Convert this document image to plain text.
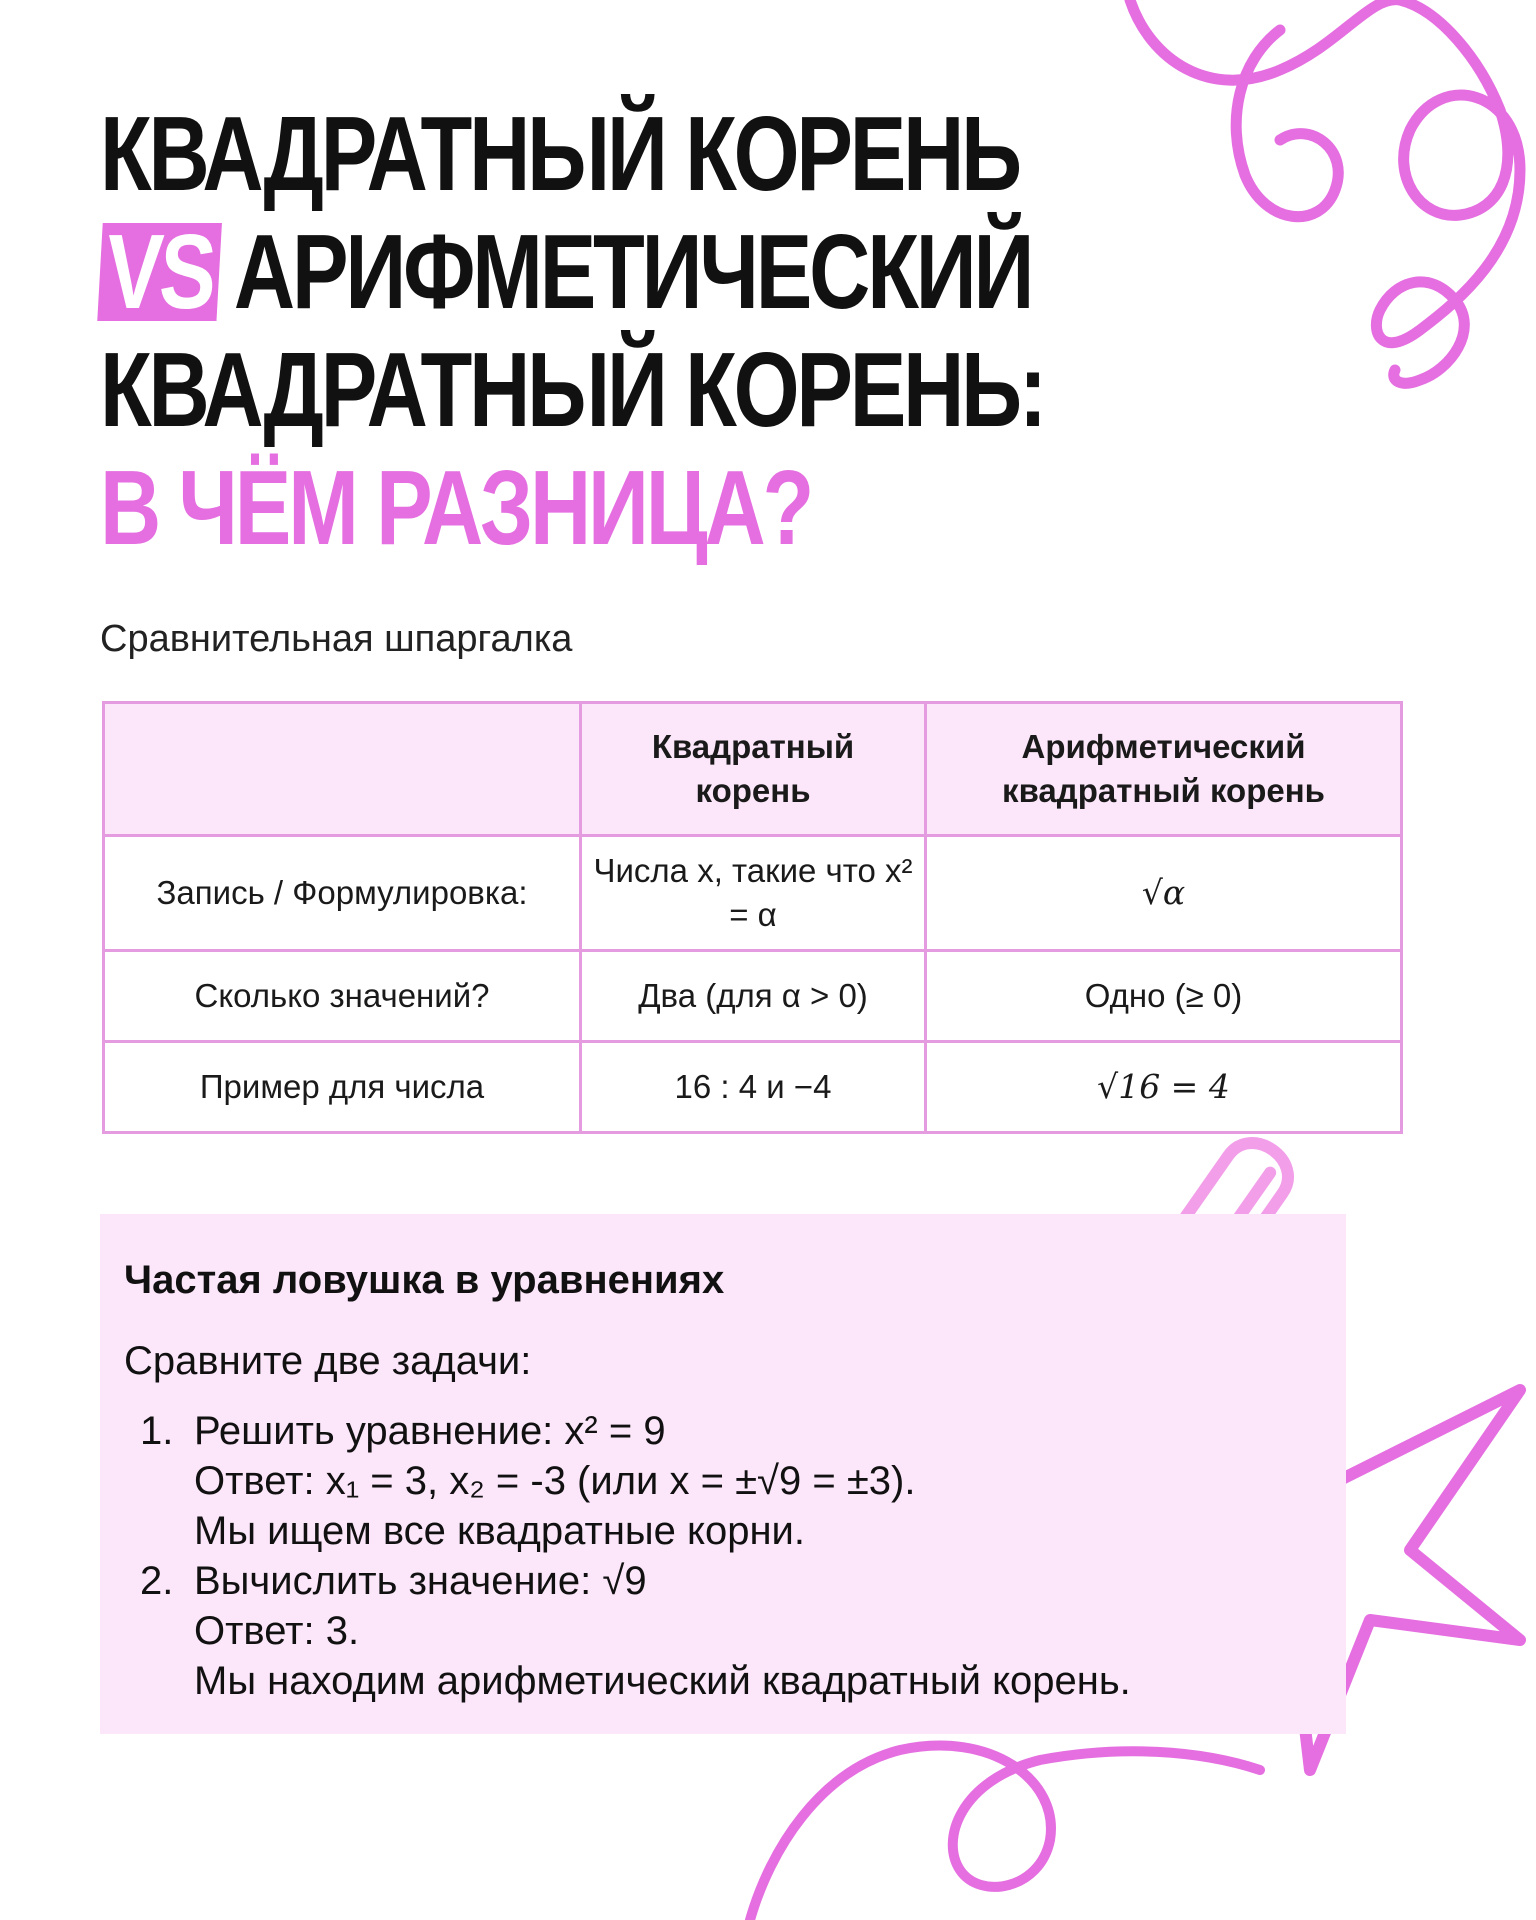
КВАДРАТНЫЙ КОРЕНЬ
VS АРИФМЕТИЧЕСКИЙ
КВАДРАТНЫЙ КОРЕНЬ:
В ЧЁМ РАЗНИЦА?
Сравнительная шпаргалка
	Квадратный корень	Арифметический квадратный корень
Запись / Формулировка:	Числа x, такие что x² = α	√α
Сколько значений?	Два (для α > 0)	Одно (≥ 0)
Пример для числа	16 : 4 и −4	√16 = 4
Частая ловушка в уравнениях
Сравните две задачи:
1. Решить уравнение: x² = 9
Ответ: x₁ = 3, x₂ = -3 (или x = ±√9 = ±3).
Мы ищем все квадратные корни.
2. Вычислить значение: √9
Ответ: 3.
Мы находим арифметический квадратный корень.
